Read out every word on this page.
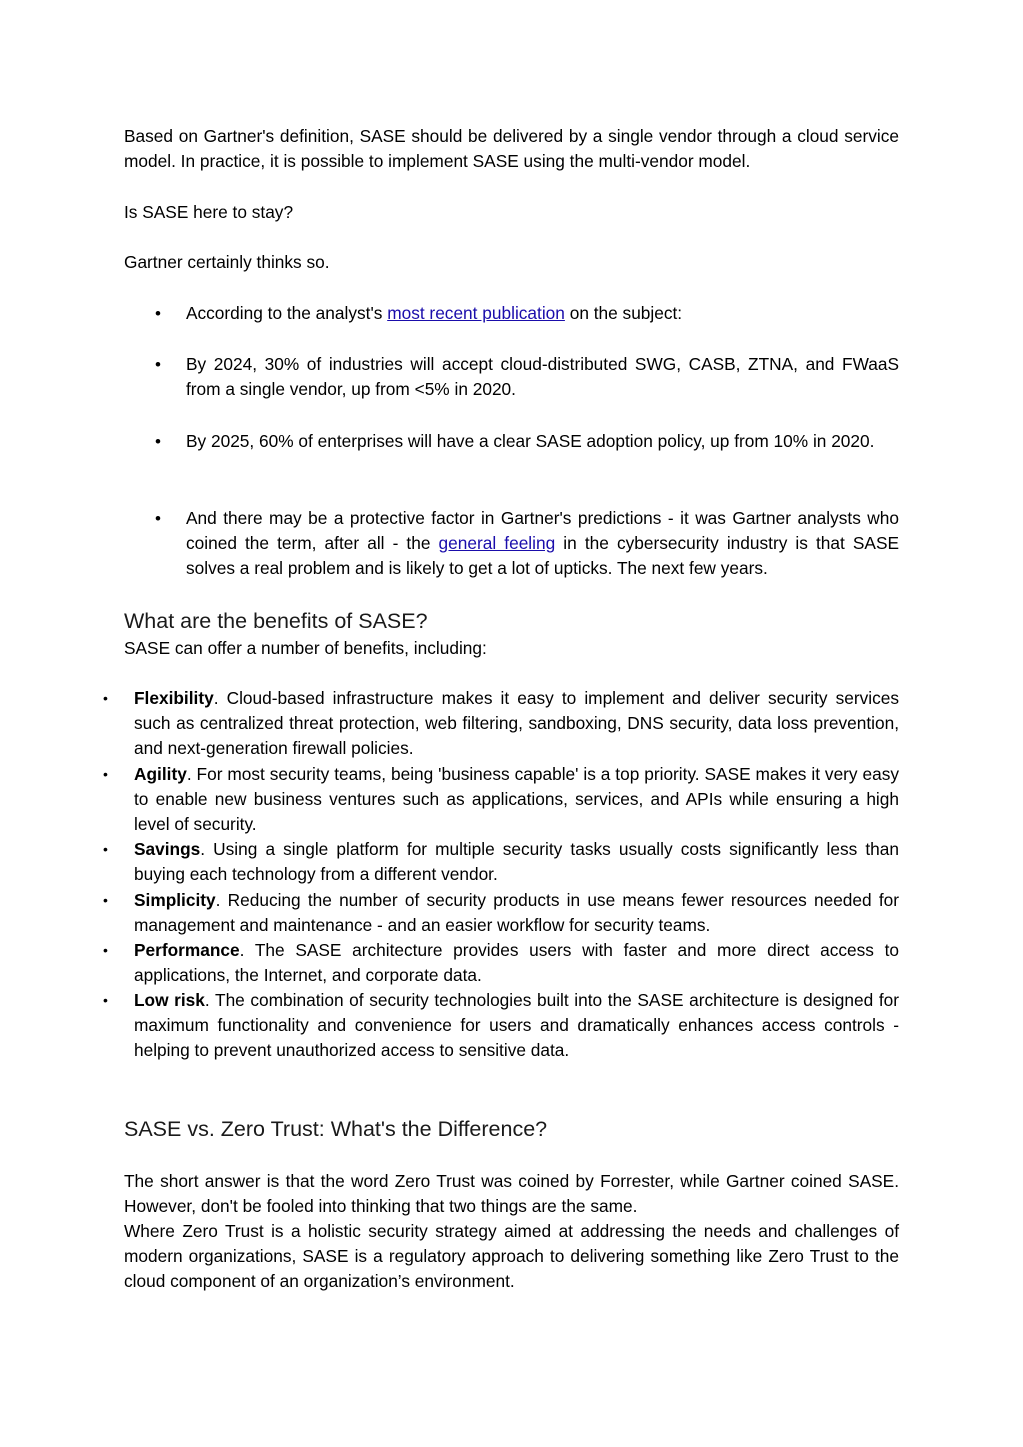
Based on Gartner's definition, SASE should be delivered by a single vendor through a cloud service model. In practice, it is possible to implement SASE using the multi-vendor model.
Is SASE here to stay?
Gartner certainly thinks so.
• According to the analyst's most recent publication on the subject:
• By 2024, 30% of industries will accept cloud-distributed SWG, CASB, ZTNA, and FWaaS from a single vendor, up from <5% in 2020.
• By 2025, 60% of enterprises will have a clear SASE adoption policy, up from 10% in 2020.
• And there may be a protective factor in Gartner's predictions - it was Gartner analysts who coined the term, after all - the general feeling in the cybersecurity industry is that SASE solves a real problem and is likely to get a lot of upticks. The next few years.
What are the benefits of SASE?
SASE can offer a number of benefits, including:
• Flexibility. Cloud-based infrastructure makes it easy to implement and deliver security services such as centralized threat protection, web filtering, sandboxing, DNS security, data loss prevention, and next-generation firewall policies.
• Agility. For most security teams, being 'business capable' is a top priority. SASE makes it very easy to enable new business ventures such as applications, services, and APIs while ensuring a high level of security.
• Savings. Using a single platform for multiple security tasks usually costs significantly less than buying each technology from a different vendor.
• Simplicity. Reducing the number of security products in use means fewer resources needed for management and maintenance - and an easier workflow for security teams.
• Performance. The SASE architecture provides users with faster and more direct access to applications, the Internet, and corporate data.
• Low risk. The combination of security technologies built into the SASE architecture is designed for maximum functionality and convenience for users and dramatically enhances access controls - helping to prevent unauthorized access to sensitive data.
SASE vs. Zero Trust: What's the Difference?
The short answer is that the word Zero Trust was coined by Forrester, while Gartner coined SASE. However, don't be fooled into thinking that two things are the same.
Where Zero Trust is a holistic security strategy aimed at addressing the needs and challenges of modern organizations, SASE is a regulatory approach to delivering something like Zero Trust to the cloud component of an organization’s environment.
